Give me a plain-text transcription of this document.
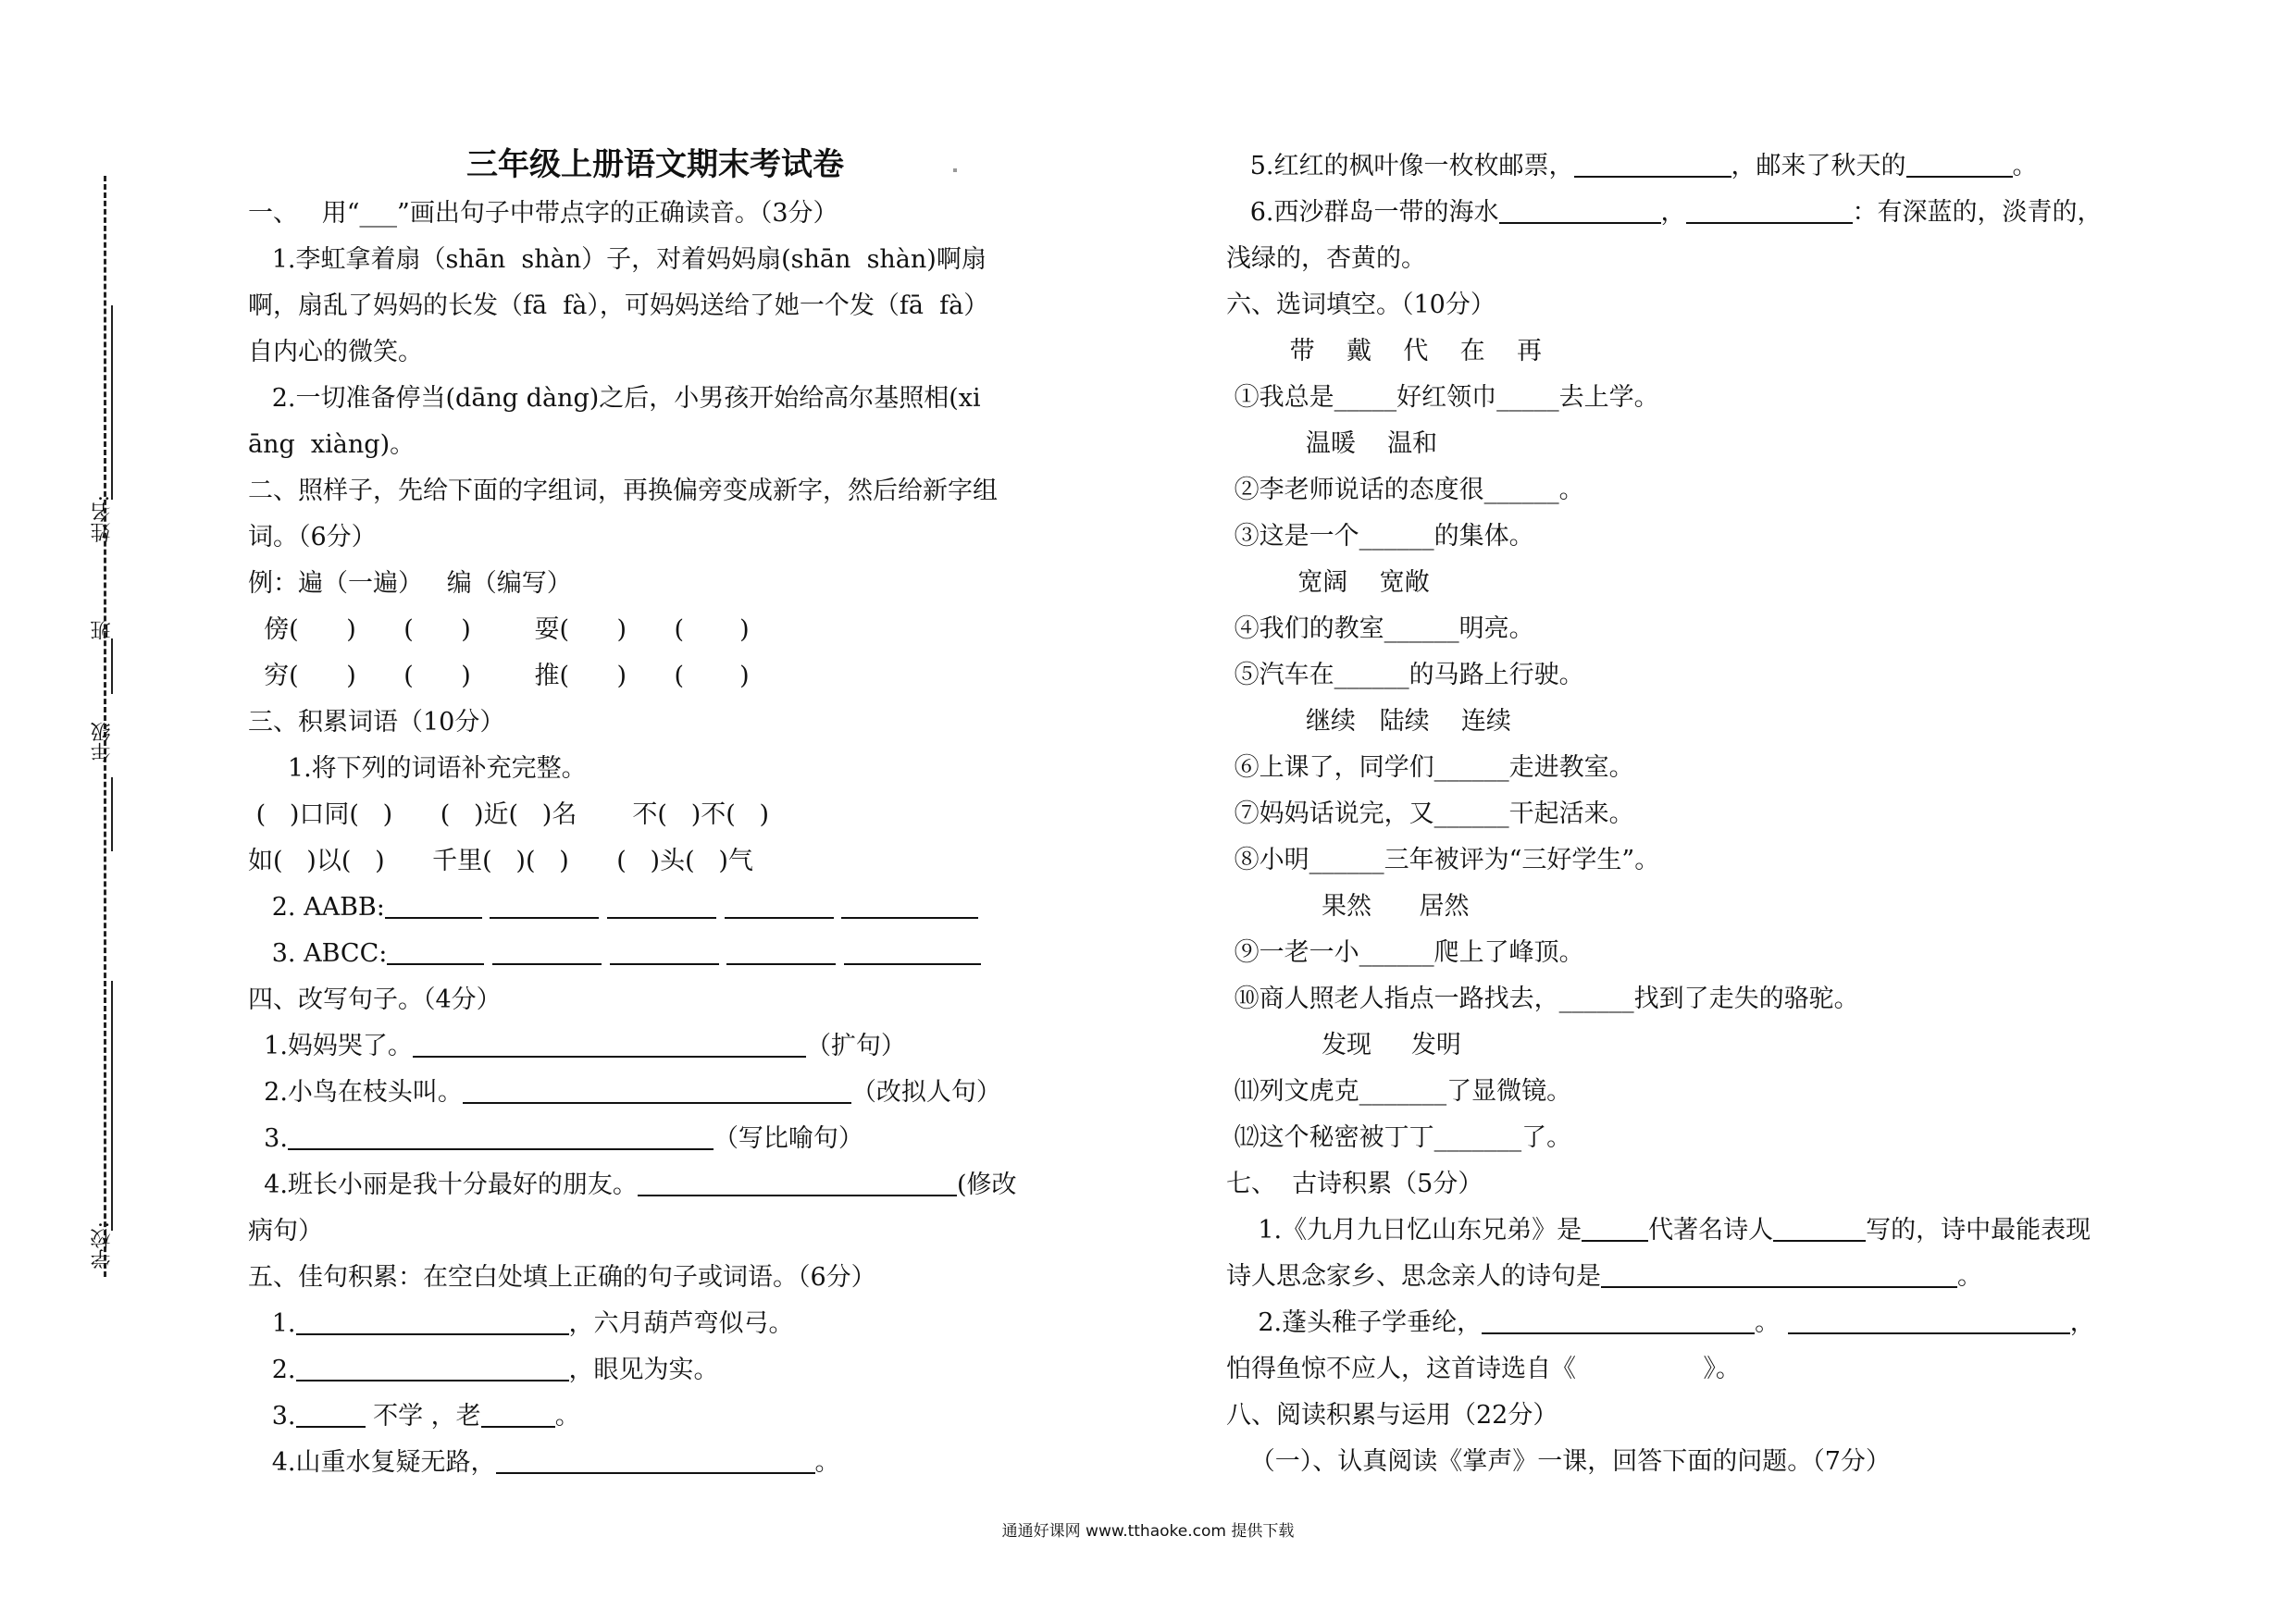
姓名:
班
年级
学校:

三年级上册语文期末考试卷

一、   用“___”画出句子中带点字的正确读音。（3分）

1.李虹拿着扇（shān  shàn）子，对着妈妈扇(shān  shàn)啊扇

啊，扇乱了妈妈的长发（fā  fà），可妈妈送给了她一个发（fā  fà）

自内心的微笑。

2.一切准备停当(dāng dàng)之后，小男孩开始给高尔基照相(xi

āng  xiàng)。

二、照样子，先给下面的字组词，再换偏旁变成新字，然后给新字组

词。（6分）

例：遍（一遍）   编（编写）

傍(      )      (      )        耍(      )      (       )

穷(      )      (      )        推(      )      (       )

三、积累词语（10分）

1.将下列的词语补充完整。

(   )口同(   )      (   )近(   )名       不(   )不(   )

如(   )以(   )      千里(   )(   )      (   )头(   )气

2. AABB:

3. ABCC:

四、改写句子。（4分）

1.妈妈哭了。	（扩句）

2.小鸟在枝头叫。	（改拟人句）

3.	（写比喻句）

4.班长小丽是我十分最好的朋友。	(修改

病句）

五、佳句积累：在空白处填上正确的句子或词语。（6分）

1.	，六月葫芦弯似弓。

2.	，眼见为实。

3.	不学 ，老	。

4.山重水复疑无路，	。

5.红红的枫叶像一枚枚邮票，	，邮来了秋天的	。

6.西沙群岛一带的海水	，	：有深蓝的，淡青的，

浅绿的，杏黄的。

六、选词填空。（10分）

带    戴    代    在    再

①我总是_____好红领巾_____去上学。

温暖    温和

②李老师说话的态度很______。

③这是一个______的集体。

宽阔    宽敞

④我们的教室______明亮。

⑤汽车在______的马路上行驶。

继续   陆续    连续

⑥上课了，同学们______走进教室。

⑦妈妈话说完，又______干起活来。

⑧小明______三年被评为“三好学生”。

果然      居然

⑨一老一小______爬上了峰顶。

⑩商人照老人指点一路找去，______找到了走失的骆驼。

发现     发明

⑾列文虎克_______了显微镜。

⑿这个秘密被丁丁_______了。

七、  古诗积累（5分）

1.《九月九日忆山东兄弟》是	代著名诗人	写的，诗中最能表现

诗人思念家乡、思念亲人的诗句是	。

2.蓬头稚子学垂纶，	。	，

怕得鱼惊不应人，这首诗选自《                》。

八、阅读积累与运用（22分）

（一）、认真阅读《掌声》一课，回答下面的问题。（7分）

通通好课网 www.tthaoke.com 提供下载
